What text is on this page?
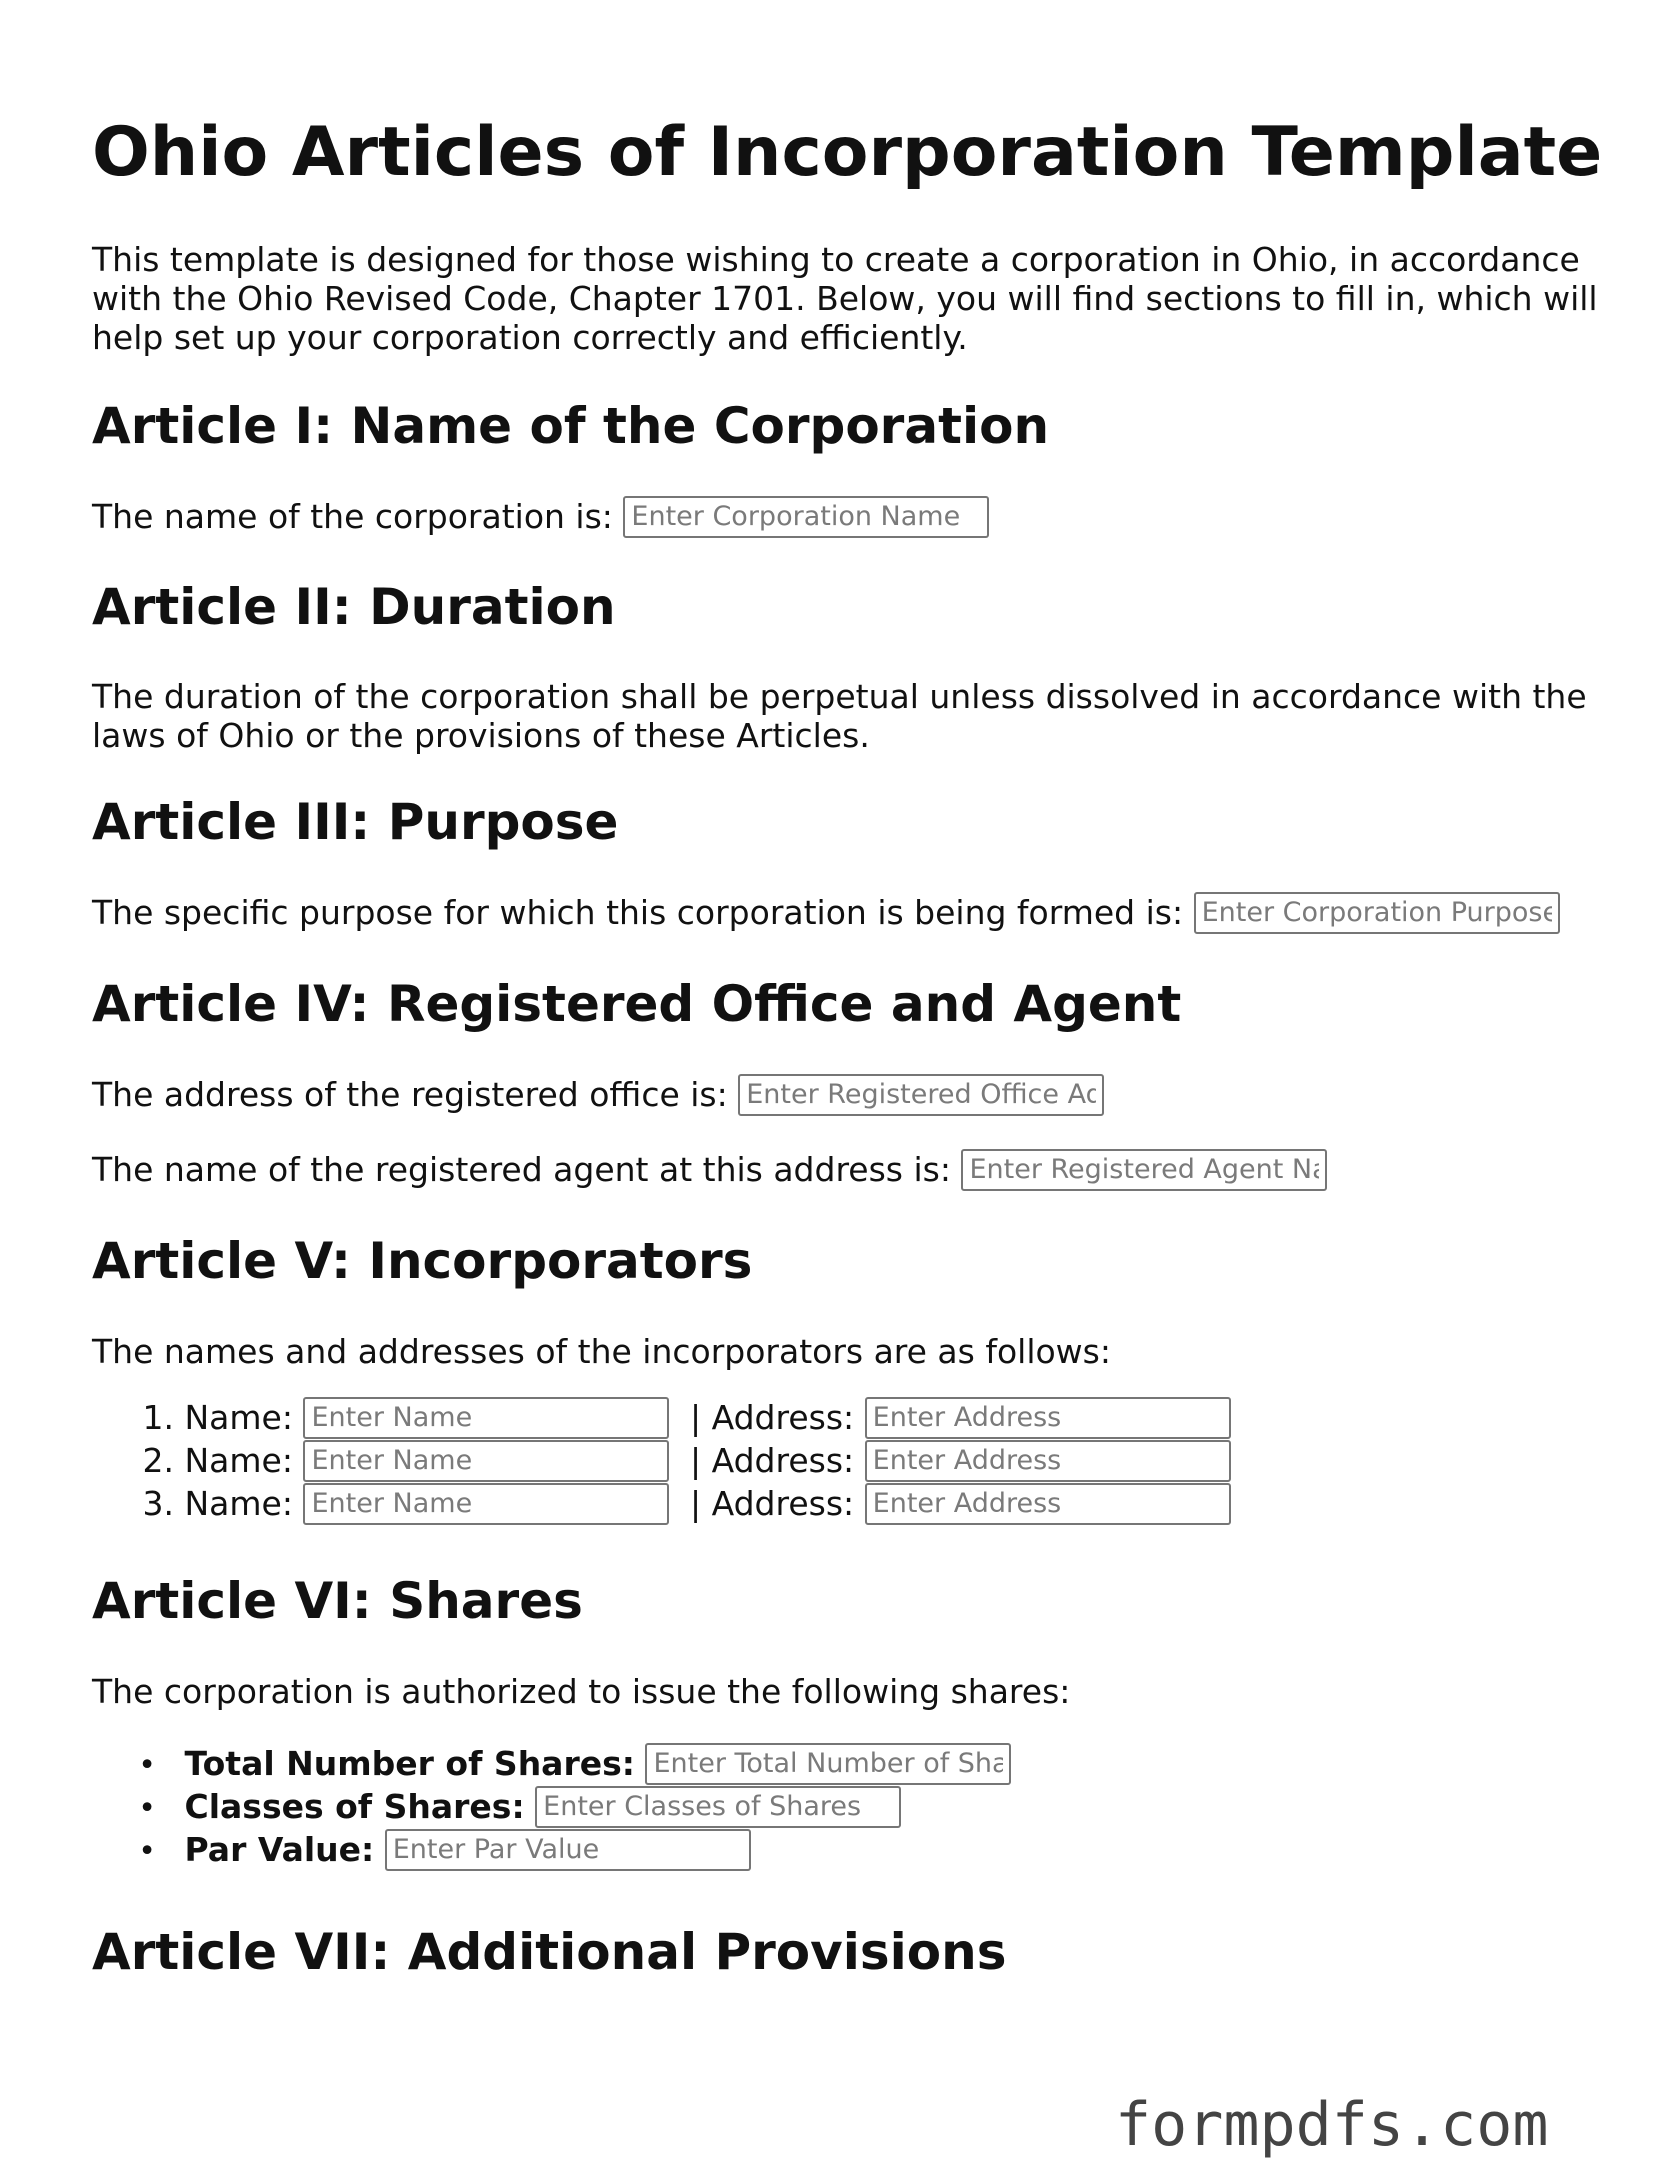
Ohio Articles of Incorporation Template
This template is designed for those wishing to create a corporation in Ohio, in accordance
with the Ohio Revised Code, Chapter 1701. Below, you will find sections to fill in, which will
help set up your corporation correctly and efficiently.
Article I: Name of the Corporation
The name of the corporation is: Enter Corporation Name
Article II: Duration
The duration of the corporation shall be perpetual unless dissolved in accordance with the
laws of Ohio or the provisions of these Articles.
Article III: Purpose
The specific purpose for which this corporation is being formed is: Enter Corporation Purpose
Article IV: Registered Office and Agent
The address of the registered office is: Enter Registered Office Address
The name of the registered agent at this address is: Enter Registered Agent Name
Article V: Incorporators
The names and addresses of the incorporators are as follows:
1. Name: Enter Name	| Address: Enter Address
2. Name: Enter Name	| Address: Enter Address
3. Name: Enter Name	| Address: Enter Address
Article VI: Shares
The corporation is authorized to issue the following shares:
• Total Number of Shares: Enter Total Number of Shares
• Classes of Shares: Enter Classes of Shares
• Par Value: Enter Par Value
Article VII: Additional Provisions
formpdfs.com
